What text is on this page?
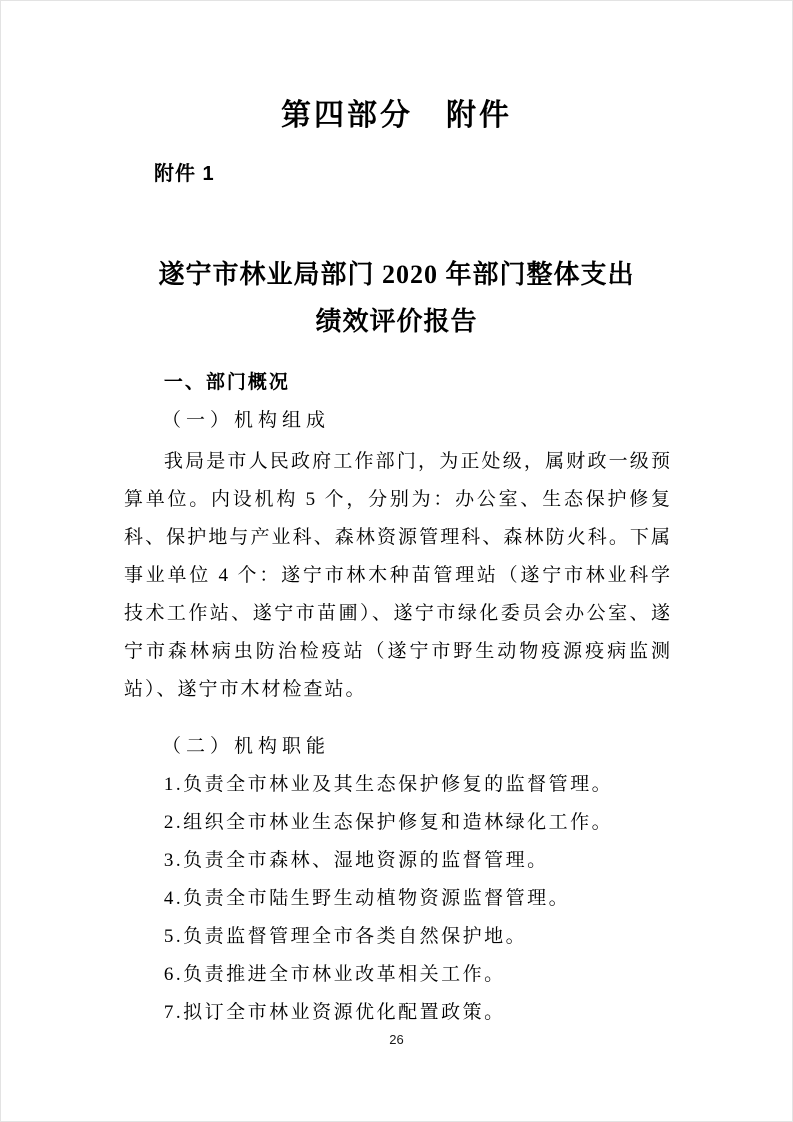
第四部分　附件
附件 1
遂宁市林业局部门 2020 年部门整体支出
绩效评价报告
一、部门概况
（一）机构组成

我局是市人民政府工作部门，为正处级，属财政一级预算单位。内设机构 5 个，分别为：办公室、生态保护修复科、保护地与产业科、森林资源管理科、森林防火科。下属事业单位 4 个：遂宁市林木种苗管理站（遂宁市林业科学技术工作站、遂宁市苗圃）、遂宁市绿化委员会办公室、遂宁市森林病虫防治检疫站（遂宁市野生动物疫源疫病监测站）、遂宁市木材检查站。

（二）机构职能

1.负责全市林业及其生态保护修复的监督管理。

2.组织全市林业生态保护修复和造林绿化工作。

3.负责全市森林、湿地资源的监督管理。

4.负责全市陆生野生动植物资源监督管理。

5.负责监督管理全市各类自然保护地。

6.负责推进全市林业改革相关工作。

7.拟订全市林业资源优化配置政策。

26
